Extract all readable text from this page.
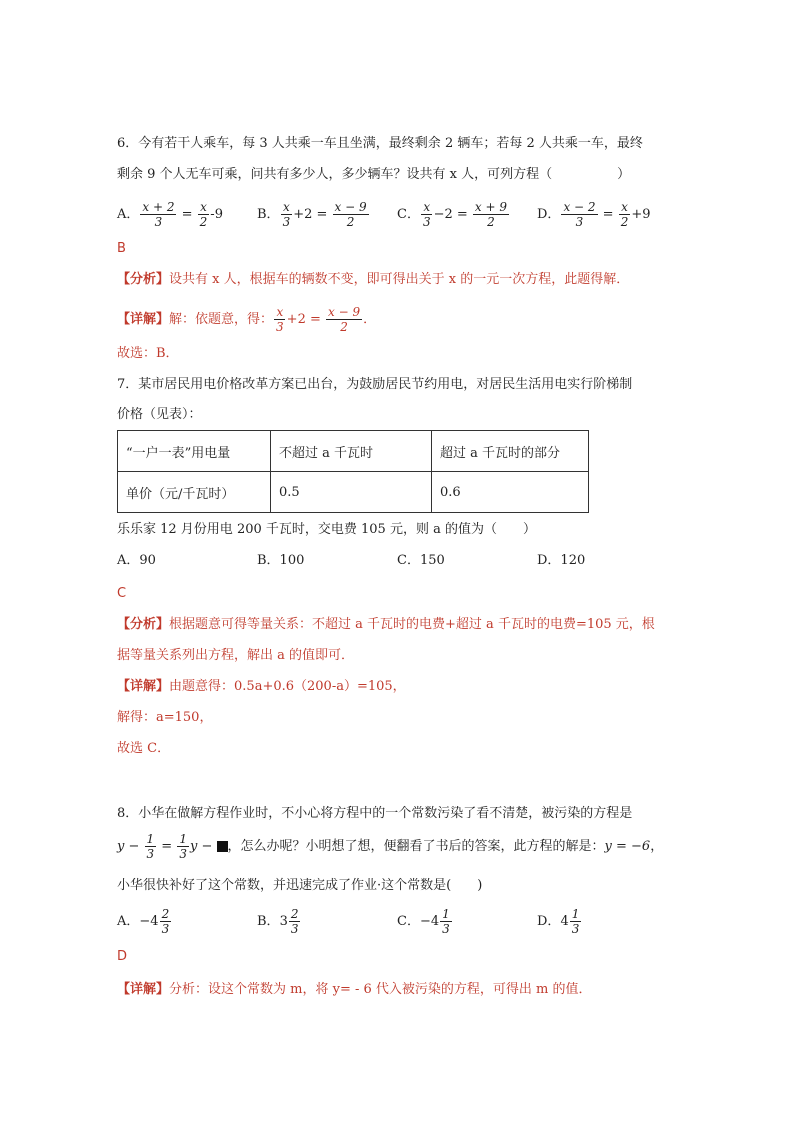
6．今有若干人乘车，每 3 人共乘一车且坐满，最终剩余 2 辆车；若每 2 人共乘一车，最终
剩余 9 个人无车可乘，问共有多少人，多少辆车？设共有 x 人，可列方程（　　　　　）
A． $\frac{x + 2}{3} = \frac{x}{2} -9$	B． $\frac{x}{3} +2 = \frac{x - 9}{2}$ C． $\frac{x}{3} -2 = \frac{x + 9}{2}$ D． $\frac{x - 2}{3} = \frac{x}{2} +9$
B
【分析】设共有 x 人，根据车的辆数不变，即可得出关于 x 的一元一次方程，此题得解．
【详解】解：依题意，得： $\frac{x}{3} +2 = \frac{x - 9}{2}$ ．
故选：B．
7．某市居民用电价格改革方案已出台，为鼓励居民节约用电，对居民生活用电实行阶梯制
价格（见表）：
“一户一表”用电量	不超过 a 千瓦时	超过 a 千瓦时的部分
单价（元/千瓦时）	0.5	0.6
乐乐家 12 月份用电 200 千瓦时，交电费 105 元，则 a 的值为（　　）
A．90	B．100	C．150	D．120
C
【分析】根据题意可得等量关系：不超过 a 千瓦时的电费+超过 a 千瓦时的电费=105 元，根
据等量关系列出方程，解出 a 的值即可．
【详解】由题意得：0.5a+0.6（200-a）=105，
解得：a=150，
故选 C．
8．小华在做解方程作业时，不小心将方程中的一个常数污染了看不清楚，被污染的方程是
$y - \frac{1}{3} = \frac{1}{3}$ y − ，怎么办呢？小明想了想，便翻看了书后的答案，此方程的解是：y = −6，
小华很快补好了这个常数，并迅速完成了作业·这个常数是(　　)
A．$-4 \frac{2}{3}$	B．$3 \frac{2}{3}$	C．$-4 \frac{1}{3}$	D．$4 \frac{1}{3}$
D
【详解】分析：设这个常数为 m，将 y= - 6 代入被污染的方程，可得出 m 的值．
